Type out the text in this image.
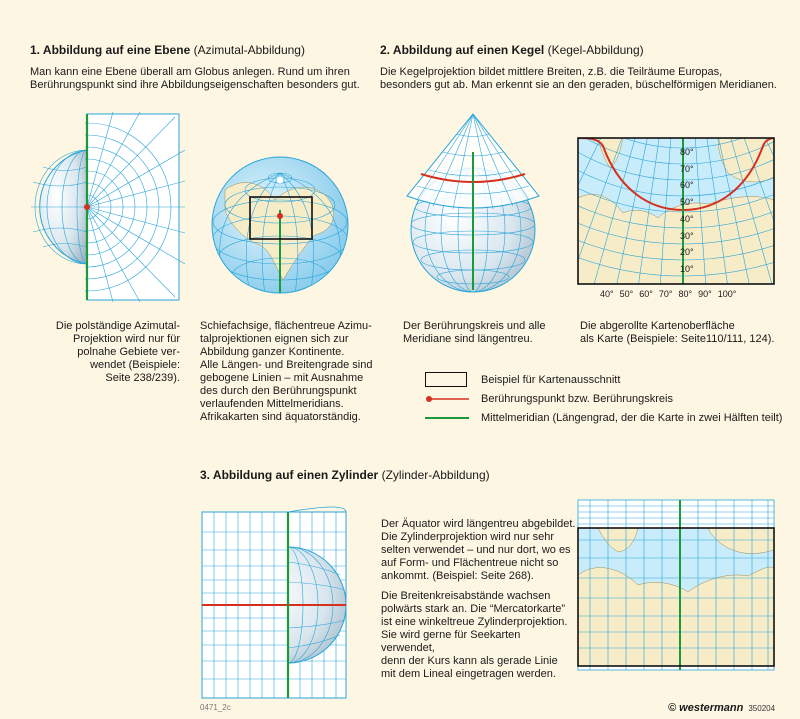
1. Abbildung auf eine Ebene (Azimutal-Abbildung)
Man kann eine Ebene überall am Globus anlegen. Rund um ihren
Berührungspunkt sind ihre Abbildungseigenschaften besonders gut.
Die polständige Azimutal-
Projektion wird nur für
polnahe Gebiete ver-
wendet (Beispiele:
Seite 238/239).
Schiefachsige, flächentreue Azimu-
talprojektionen eignen sich zur
Abbildung ganzer Kontinente.
Alle Längen- und Breitengrade sind
gebogene Linien – mit Ausnahme
des durch den Berührungspunkt
verlaufenden Mittelmeridians.
Afrikakarten sind äquatorständig.
2. Abbildung auf einen Kegel (Kegel-Abbildung)
Die Kegelprojektion bildet mittlere Breiten, z.B. die Teilräume Europas,
besonders gut ab. Man erkennt sie an den geraden, büschelförmigen Meridianen.
80°
70°
60°
50°
40°
30°
20°
10°
40° 50° 60° 70° 80° 90° 100°
Der Berührungskreis und alle
Meridiane sind längentreu.
Die abgerollte Kartenoberfläche
als Karte (Beispiele: Seite110/111, 124).
Beispiel für Kartenausschnitt
Berührungspunkt bzw. Berührungskreis
Mittelmeridian (Längengrad, der die Karte in zwei Hälften teilt)
3. Abbildung auf einen Zylinder (Zylinder-Abbildung)
Der Äquator wird längentreu abgebildet.
Die Zylinderprojektion wird nur sehr
selten verwendet – und nur dort, wo es
auf Form- und Flächentreue nicht so
ankommt. (Beispiel: Seite 268).
Die Breitenkreisabstände wachsen
polwärts stark an. Die “Mercatorkarte”
ist eine winkeltreue Zylinderprojektion.
Sie wird gerne für Seekarten verwendet,
denn der Kurs kann als gerade Linie
mit dem Lineal eingetragen werden.
0471_2c	© westermann 350204
